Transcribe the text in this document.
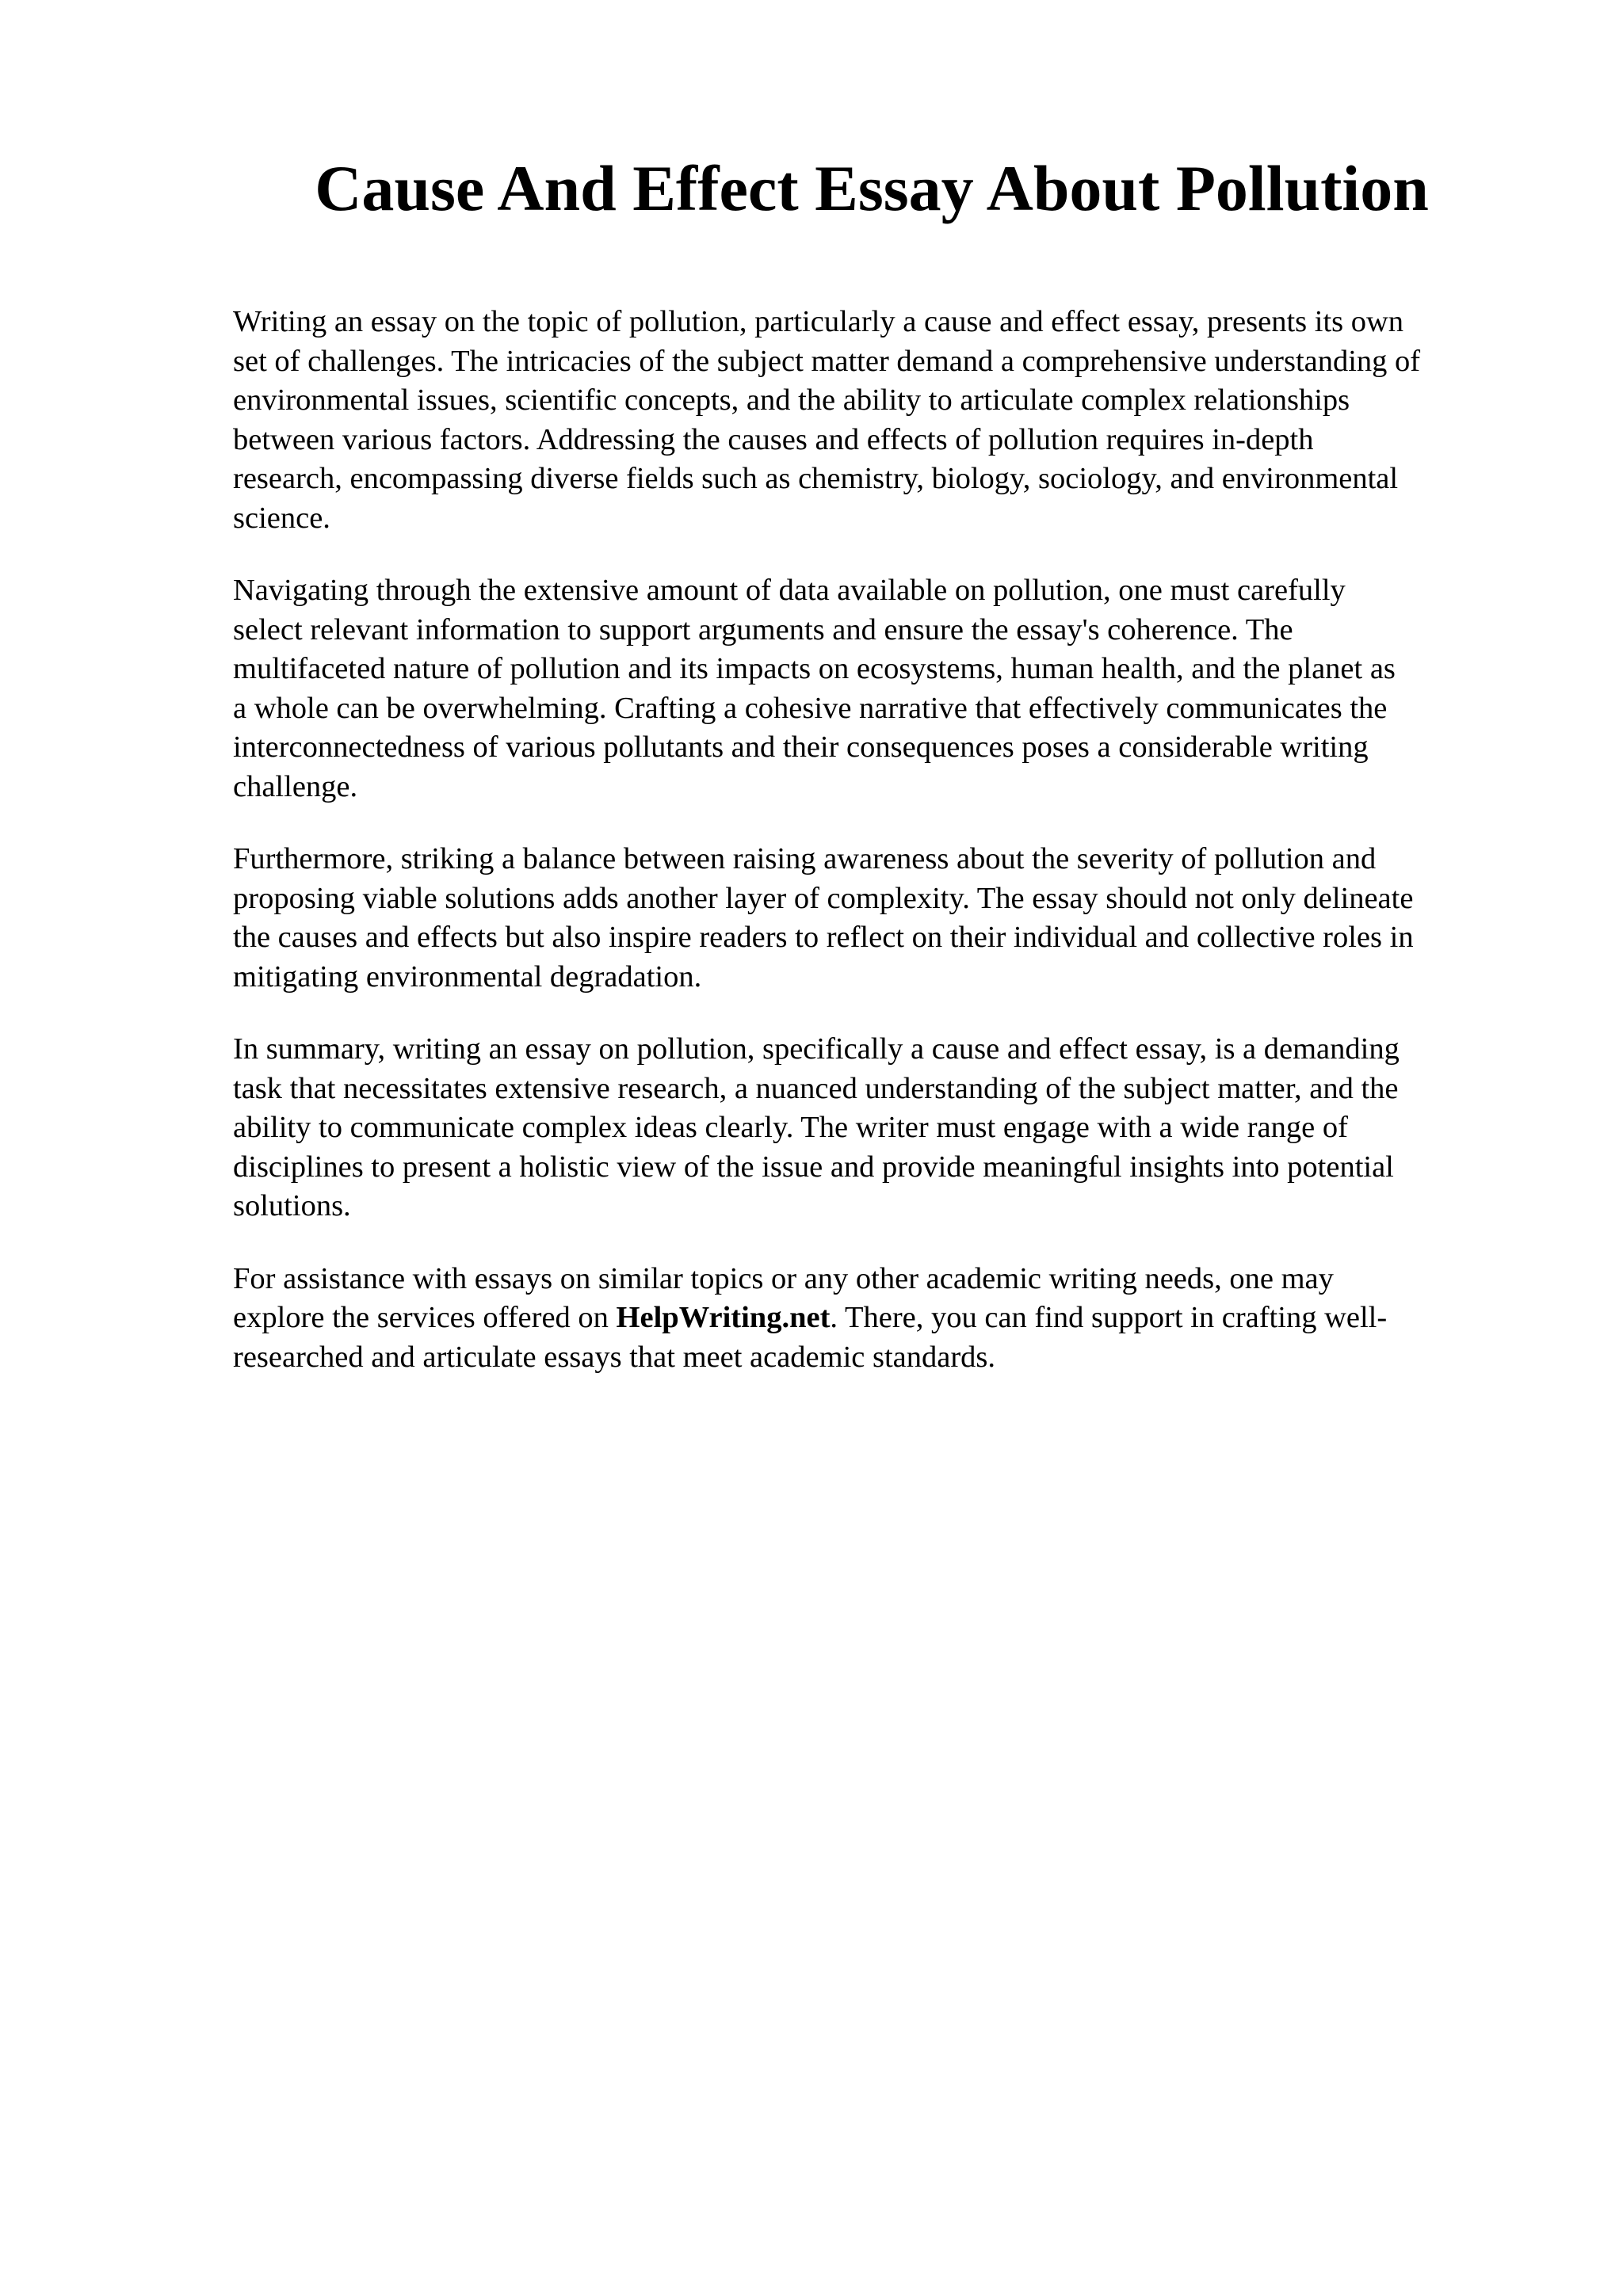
Cause And Effect Essay About Pollution

Writing an essay on the topic of pollution, particularly a cause and effect essay, presents its own
set of challenges. The intricacies of the subject matter demand a comprehensive understanding of
environmental issues, scientific concepts, and the ability to articulate complex relationships
between various factors. Addressing the causes and effects of pollution requires in-depth
research, encompassing diverse fields such as chemistry, biology, sociology, and environmental
science.

Navigating through the extensive amount of data available on pollution, one must carefully
select relevant information to support arguments and ensure the essay's coherence. The
multifaceted nature of pollution and its impacts on ecosystems, human health, and the planet as
a whole can be overwhelming. Crafting a cohesive narrative that effectively communicates the
interconnectedness of various pollutants and their consequences poses a considerable writing
challenge.

Furthermore, striking a balance between raising awareness about the severity of pollution and
proposing viable solutions adds another layer of complexity. The essay should not only delineate
the causes and effects but also inspire readers to reflect on their individual and collective roles in
mitigating environmental degradation.

In summary, writing an essay on pollution, specifically a cause and effect essay, is a demanding
task that necessitates extensive research, a nuanced understanding of the subject matter, and the
ability to communicate complex ideas clearly. The writer must engage with a wide range of
disciplines to present a holistic view of the issue and provide meaningful insights into potential
solutions.

For assistance with essays on similar topics or any other academic writing needs, one may
explore the services offered on HelpWriting.net. There, you can find support in crafting well-
researched and articulate essays that meet academic standards.
